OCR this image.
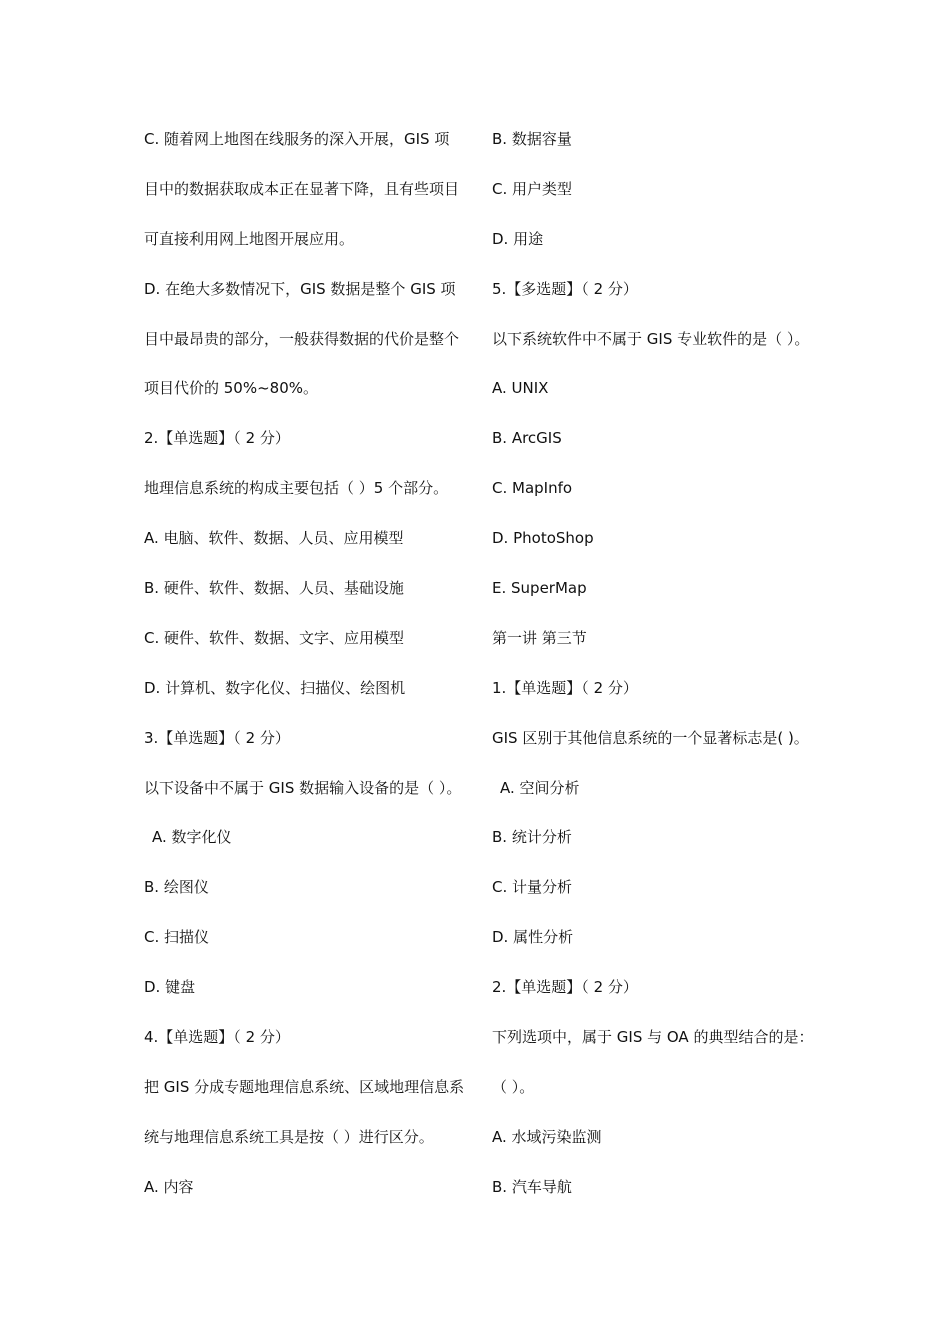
C. 随着网上地图在线服务的深入开展，GIS 项
目中的数据获取成本正在显著下降，且有些项目
可直接利用网上地图开展应用。
D. 在绝大多数情况下，GIS 数据是整个 GIS 项
目中最昂贵的部分，一般获得数据的代价是整个
项目代价的 50%~80%。
2.【单选题】（ 2 分）
地理信息系统的构成主要包括（ ）5 个部分。
A. 电脑、软件、数据、人员、应用模型
B. 硬件、软件、数据、人员、基础设施
C. 硬件、软件、数据、文字、应用模型
D. 计算机、数字化仪、扫描仪、绘图机
3.【单选题】（ 2 分）
以下设备中不属于 GIS 数据输入设备的是（ ）。
A. 数字化仪
B. 绘图仪
C. 扫描仪
D. 键盘
4.【单选题】（ 2 分）
把 GIS 分成专题地理信息系统、区域地理信息系
统与地理信息系统工具是按（ ）进行区分。
A. 内容
B. 数据容量
C. 用户类型
D. 用途
5.【多选题】（ 2 分）
以下系统软件中不属于 GIS 专业软件的是（ ）。
A. UNIX
B. ArcGIS
C. MapInfo
D. PhotoShop
E. SuperMap
第一讲 第三节
1.【单选题】（ 2 分）
GIS 区别于其他信息系统的一个显著标志是( )。
A. 空间分析
B. 统计分析
C. 计量分析
D. 属性分析
2.【单选题】（ 2 分）
下列选项中，属于 GIS 与 OA 的典型结合的是：
（ ）。
A. 水域污染监测
B. 汽车导航
